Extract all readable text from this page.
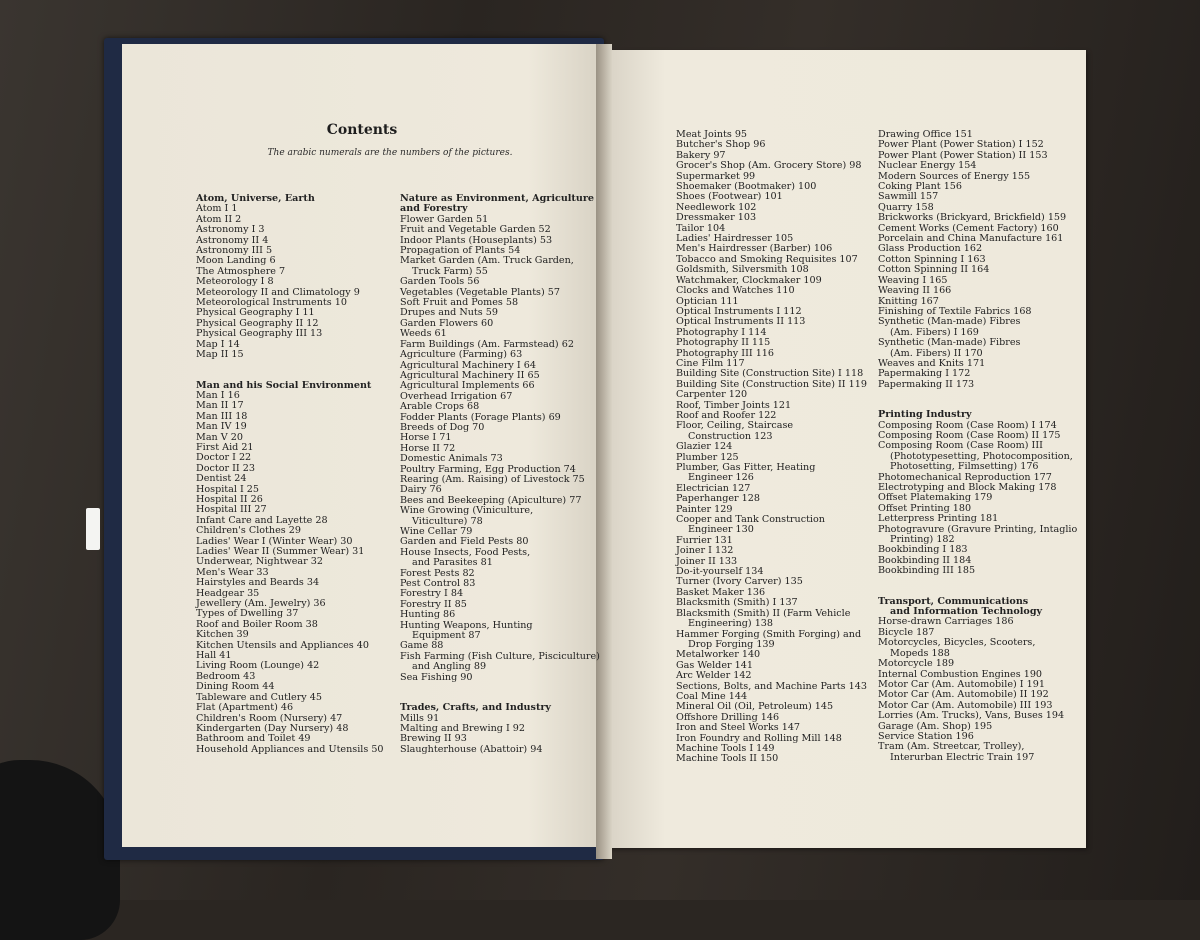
Contents
The arabic numerals are the numbers of the pictures.
Atom, Universe, Earth
Atom I 1
Atom II 2
Astronomy I 3
Astronomy II 4
Astronomy III 5
Moon Landing 6
The Atmosphere 7
Meteorology I 8
Meteorology II and Climatology 9
Meteorological Instruments 10
Physical Geography I 11
Physical Geography II 12
Physical Geography III 13
Map I 14
Map II 15
Man and his Social Environment
Man I 16
Man II 17
Man III 18
Man IV 19
Man V 20
First Aid 21
Doctor I 22
Doctor II 23
Dentist 24
Hospital I 25
Hospital II 26
Hospital III 27
Infant Care and Layette 28
Children's Clothes 29
Ladies' Wear I (Winter Wear) 30
Ladies' Wear II (Summer Wear) 31
Underwear, Nightwear 32
Men's Wear 33
Hairstyles and Beards 34
Headgear 35
Jewellery (Am. Jewelry) 36
Types of Dwelling 37
Roof and Boiler Room 38
Kitchen 39
Kitchen Utensils and Appliances 40
Hall 41
Living Room (Lounge) 42
Bedroom 43
Dining Room 44
Tableware and Cutlery 45
Flat (Apartment) 46
Children's Room (Nursery) 47
Kindergarten (Day Nursery) 48
Bathroom and Toilet 49
Household Appliances and Utensils 50
Nature as Environment, Agriculture
and Forestry
Flower Garden 51
Fruit and Vegetable Garden 52
Indoor Plants (Houseplants) 53
Propagation of Plants 54
Market Garden (Am. Truck Garden,
Truck Farm) 55
Garden Tools 56
Vegetables (Vegetable Plants) 57
Soft Fruit and Pomes 58
Drupes and Nuts 59
Garden Flowers 60
Weeds 61
Farm Buildings (Am. Farmstead) 62
Agriculture (Farming) 63
Agricultural Machinery I 64
Agricultural Machinery II 65
Agricultural Implements 66
Overhead Irrigation 67
Arable Crops 68
Fodder Plants (Forage Plants) 69
Breeds of Dog 70
Horse I 71
Horse II 72
Domestic Animals 73
Poultry Farming, Egg Production 74
Rearing (Am. Raising) of Livestock 75
Dairy 76
Bees and Beekeeping (Apiculture) 77
Wine Growing (Viniculture,
Viticulture) 78
Wine Cellar 79
Garden and Field Pests 80
House Insects, Food Pests,
and Parasites 81
Forest Pests 82
Pest Control 83
Forestry I 84
Forestry II 85
Hunting 86
Hunting Weapons, Hunting
Equipment 87
Game 88
Fish Farming (Fish Culture, Pisciculture)
and Angling 89
Sea Fishing 90
Trades, Crafts, and Industry
Mills 91
Malting and Brewing I 92
Brewing II 93
Slaughterhouse (Abattoir) 94
Meat Joints 95
Butcher's Shop 96
Bakery 97
Grocer's Shop (Am. Grocery Store) 98
Supermarket 99
Shoemaker (Bootmaker) 100
Shoes (Footwear) 101
Needlework 102
Dressmaker 103
Tailor 104
Ladies' Hairdresser 105
Men's Hairdresser (Barber) 106
Tobacco and Smoking Requisites 107
Goldsmith, Silversmith 108
Watchmaker, Clockmaker 109
Clocks and Watches 110
Optician 111
Optical Instruments I 112
Optical Instruments II 113
Photography I 114
Photography II 115
Photography III 116
Cine Film 117
Building Site (Construction Site) I 118
Building Site (Construction Site) II 119
Carpenter 120
Roof, Timber Joints 121
Roof and Roofer 122
Floor, Ceiling, Staircase
Construction 123
Glazier 124
Plumber 125
Plumber, Gas Fitter, Heating
Engineer 126
Electrician 127
Paperhanger 128
Painter 129
Cooper and Tank Construction
Engineer 130
Furrier 131
Joiner I 132
Joiner II 133
Do-it-yourself 134
Turner (Ivory Carver) 135
Basket Maker 136
Blacksmith (Smith) I 137
Blacksmith (Smith) II (Farm Vehicle
Engineering) 138
Hammer Forging (Smith Forging) and
Drop Forging 139
Metalworker 140
Gas Welder 141
Arc Welder 142
Sections, Bolts, and Machine Parts 143
Coal Mine 144
Mineral Oil (Oil, Petroleum) 145
Offshore Drilling 146
Iron and Steel Works 147
Iron Foundry and Rolling Mill 148
Machine Tools I 149
Machine Tools II 150
Drawing Office 151
Power Plant (Power Station) I 152
Power Plant (Power Station) II 153
Nuclear Energy 154
Modern Sources of Energy 155
Coking Plant 156
Sawmill 157
Quarry 158
Brickworks (Brickyard, Brickfield) 159
Cement Works (Cement Factory) 160
Porcelain and China Manufacture 161
Glass Production 162
Cotton Spinning I 163
Cotton Spinning II 164
Weaving I 165
Weaving II 166
Knitting 167
Finishing of Textile Fabrics 168
Synthetic (Man-made) Fibres
(Am. Fibers) I 169
Synthetic (Man-made) Fibres
(Am. Fibers) II 170
Weaves and Knits 171
Papermaking I 172
Papermaking II 173
Printing Industry
Composing Room (Case Room) I 174
Composing Room (Case Room) II 175
Composing Room (Case Room) III
(Phototypesetting, Photocomposition,
Photosetting, Filmsetting) 176
Photomechanical Reproduction 177
Electrotyping and Block Making 178
Offset Platemaking 179
Offset Printing 180
Letterpress Printing 181
Photogravure (Gravure Printing, Intaglio
Printing) 182
Bookbinding I 183
Bookbinding II 184
Bookbinding III 185
Transport, Communications
and Information Technology
Horse-drawn Carriages 186
Bicycle 187
Motorcycles, Bicycles, Scooters,
Mopeds 188
Motorcycle 189
Internal Combustion Engines 190
Motor Car (Am. Automobile) I 191
Motor Car (Am. Automobile) II 192
Motor Car (Am. Automobile) III 193
Lorries (Am. Trucks), Vans, Buses 194
Garage (Am. Shop) 195
Service Station 196
Tram (Am. Streetcar, Trolley),
Interurban Electric Train 197
